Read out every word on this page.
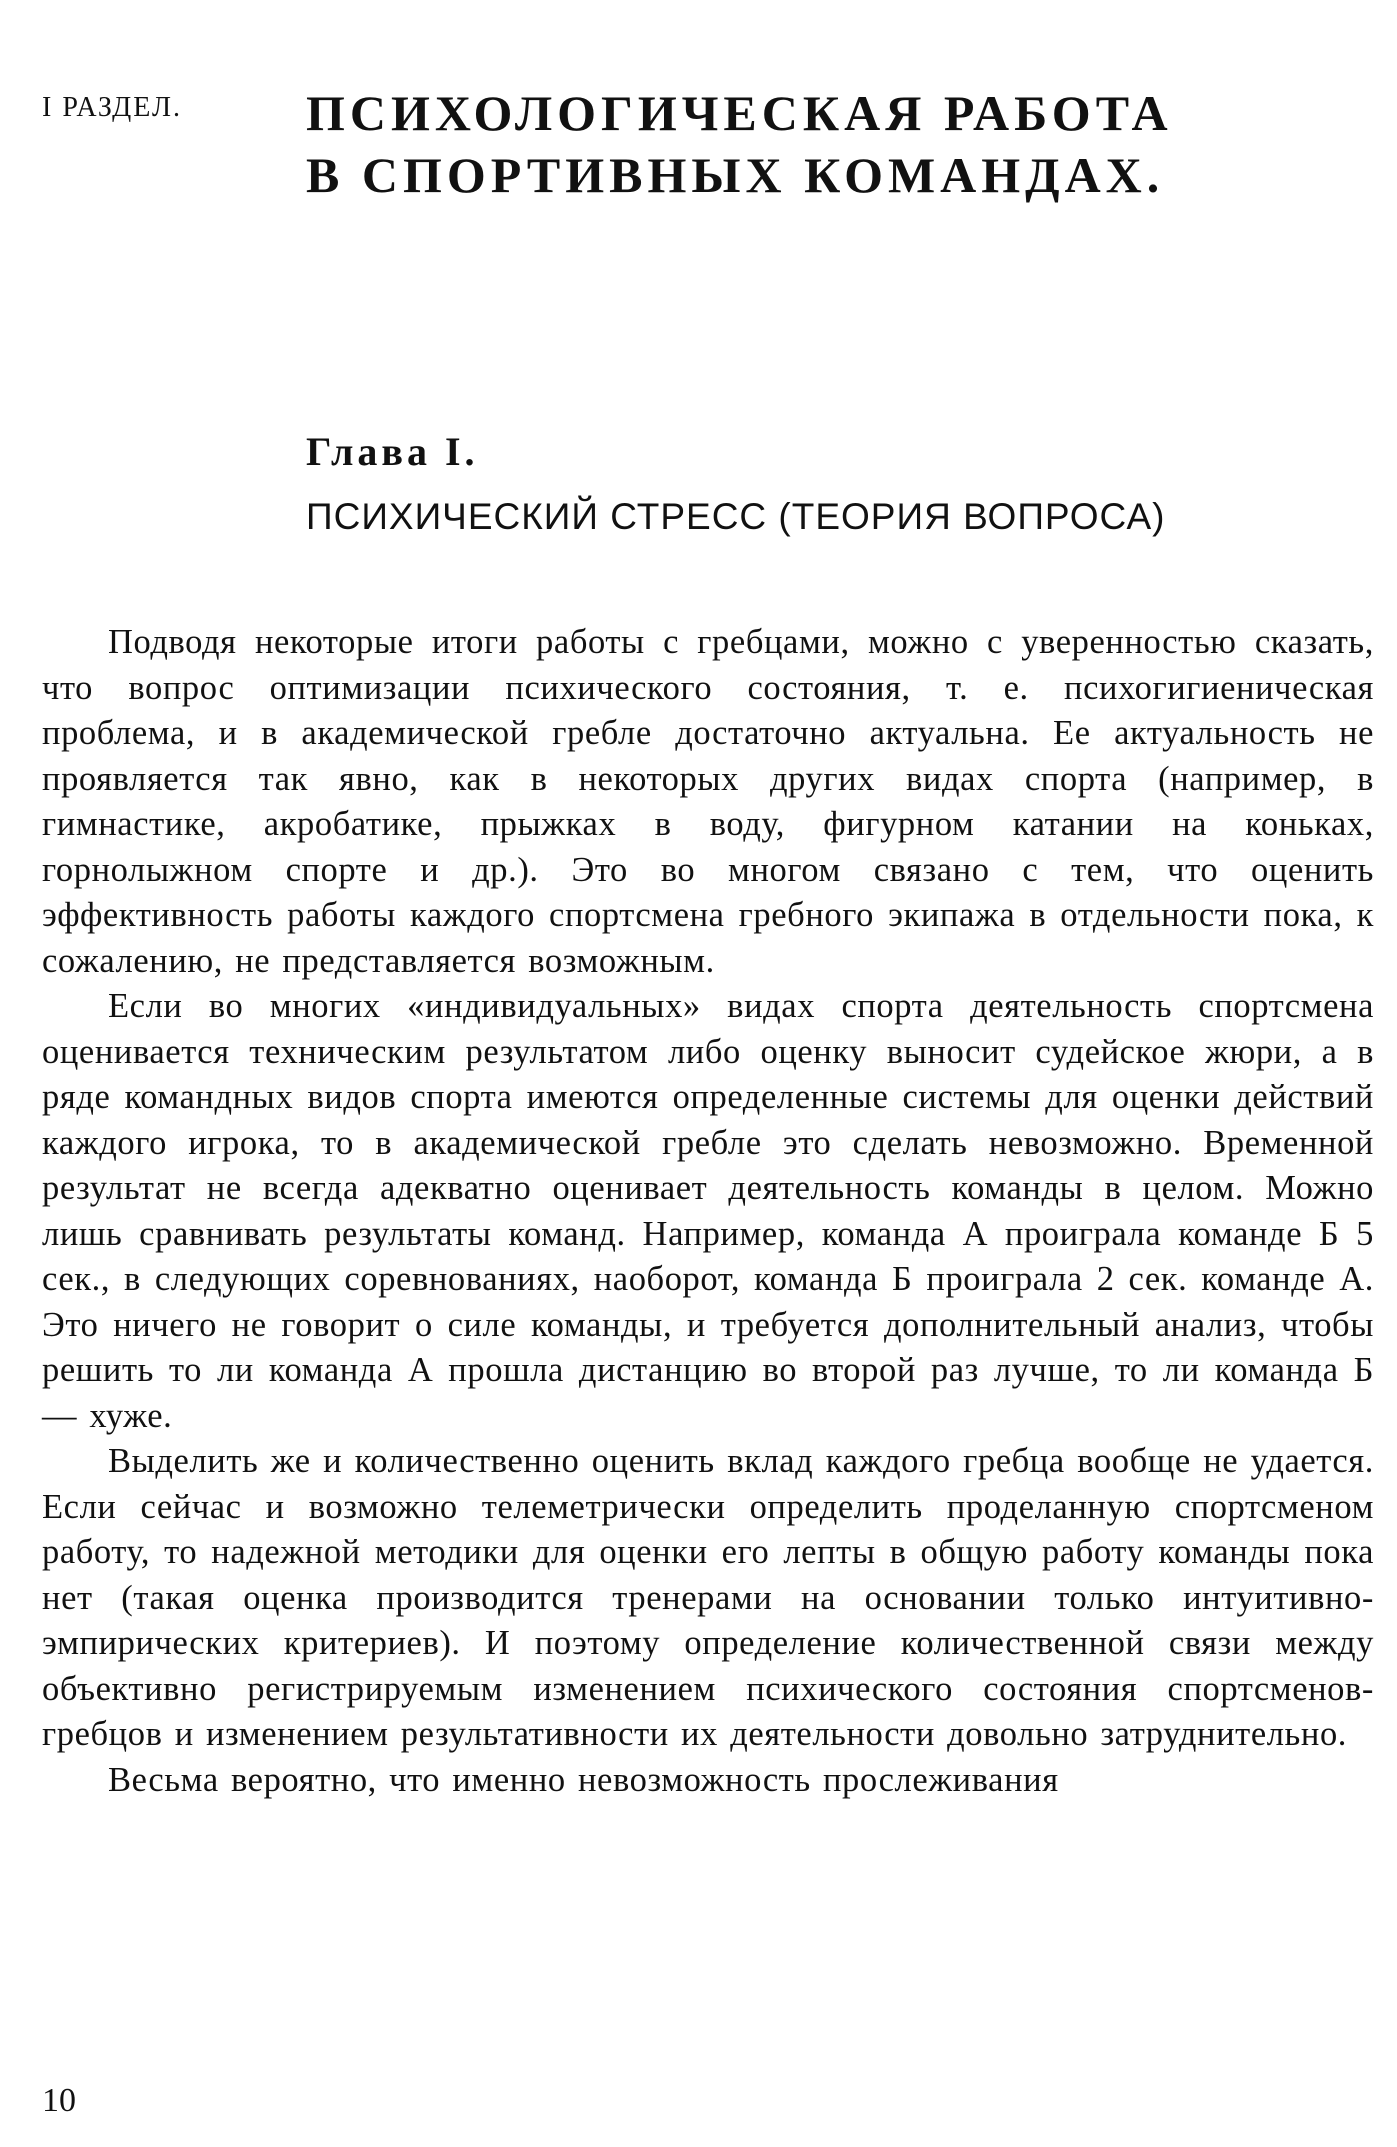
I РАЗДЕЛ. ПСИХОЛОГИЧЕСКАЯ РАБОТА
В СПОРТИВНЫХ КОМАНДАХ.
Глава I.
ПСИХИЧЕСКИЙ СТРЕСС (ТЕОРИЯ ВОПРОСА)

Подводя некоторые итоги работы с гребцами, можно с уверенностью сказать, что вопрос оптимизации психического состояния, т. е. психогигиеническая проблема, и в академической гребле достаточно актуальна. Ее актуальность не проявляется так явно, как в некоторых других видах спорта (например, в гимнастике, акробатике, прыжках в воду, фигурном катании на коньках, горнолыжном спорте и др.). Это во многом связано с тем, что оценить эффективность работы каждого спортсмена гребного экипажа в отдельности пока, к сожалению, не представляется возможным.

Если во многих «индивидуальных» видах спорта деятельность спортсмена оценивается техническим результатом либо оценку выносит судейское жюри, а в ряде командных видов спорта имеются определенные системы для оценки действий каждого игрока, то в академической гребле это сделать невозможно. Временной результат не всегда адекватно оценивает деятельность команды в целом. Можно лишь сравнивать результаты команд. Например, команда А проиграла команде Б 5 сек., в следующих соревнованиях, наоборот, команда Б проиграла 2 сек. команде А. Это ничего не говорит о силе команды, и требуется дополнительный анализ, чтобы решить то ли команда А прошла дистанцию во второй раз лучше, то ли команда Б — хуже.

Выделить же и количественно оценить вклад каждого гребца вообще не удается. Если сейчас и возможно телеметрически определить проделанную спортсменом работу, то надежной методики для оценки его лепты в общую работу команды пока нет (такая оценка производится тренерами на основании только интуитивно-эмпирических критериев). И поэтому определение количественной связи между объективно регистрируемым изменением психического состояния спортсменов-гребцов и изменением результативности их деятельности довольно затруднительно.

Весьма вероятно, что именно невозможность прослеживания

10
